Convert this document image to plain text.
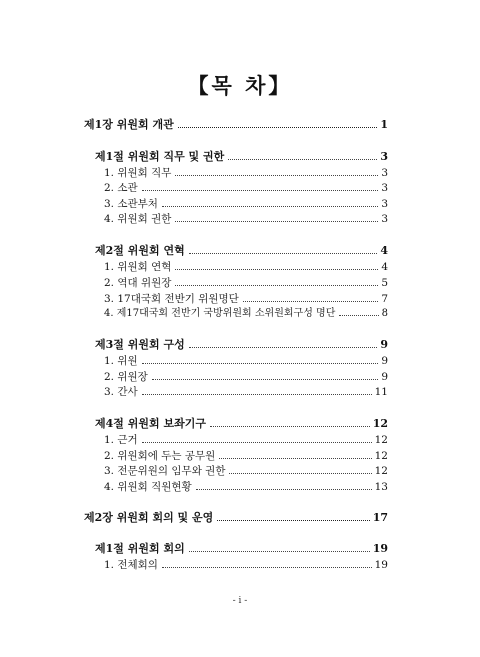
【목 차】
제1장 위원회 개관	1
제1절 위원회 직무 및 권한	3
1. 위원회 직무	3
2. 소관	3
3. 소관부처	3
4. 위원회 권한	3
제2절 위원회 연혁	4
1. 위원회 연혁	4
2. 역대 위원장	5
3. 17대국회 전반기 위원명단	7
4. 제17대국회 전반기 국방위원회 소위원회구성 명단	8
제3절 위원회 구성	9
1. 위원	9
2. 위원장	9
3. 간사	11
제4절 위원회 보좌기구	12
1. 근거	12
2. 위원회에 두는 공무원	12
3. 전문위원의 임무와 권한	12
4. 위원회 직원현황	13
제2장 위원회 회의 및 운영	17
제1절 위원회 회의	19
1. 전체회의	19
- i -
